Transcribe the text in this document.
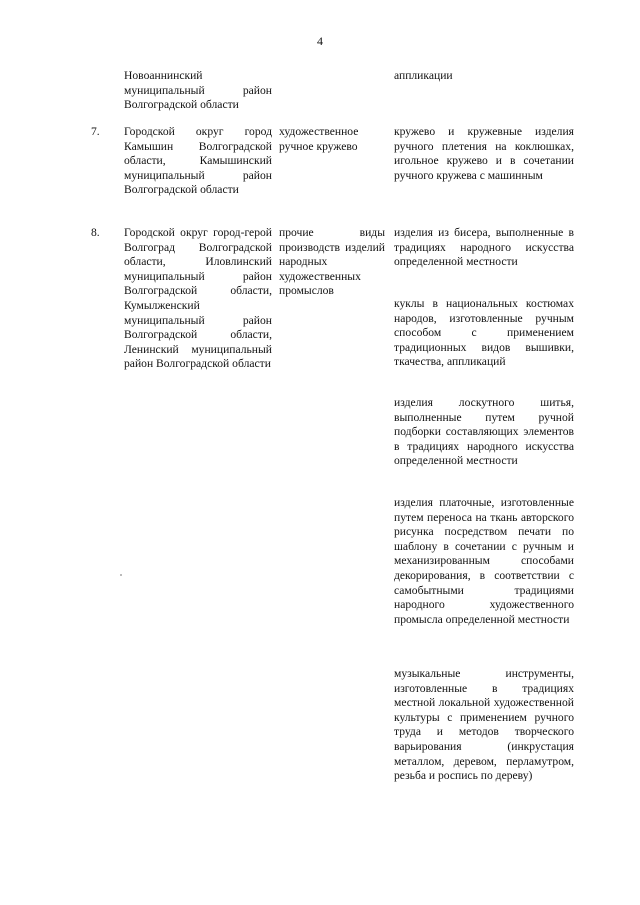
4
Новоаннинский муниципальный район Волгоградской области
аппликации
7. Городской округ город Камышин Волгоградской области, Камышинский муниципальный район Волгоградской области
художественное ручное кружево
кружево и кружевные изделия ручного плетения на коклюшках, игольное кружево и в сочетании ручного кружева с машинным
8. Городской округ город-герой Волгоград Волгоградской области, Иловлинский муниципальный район Волгоградской области, Кумылженский муниципальный район Волгоградской области, Ленинский муниципальный район Волгоградской области
прочие виды производств изделий народных художественных промыслов
изделия из бисера, выполненные в традициях народного искусства определенной местности
куклы в национальных костюмах народов, изготовленные ручным способом с применением традиционных видов вышивки, ткачества, аппликаций
изделия лоскутного шитья, выполненные путем ручной подборки составляющих элементов в традициях народного искусства определенной местности
изделия платочные, изготовленные путем переноса на ткань авторского рисунка посредством печати по шаблону в сочетании с ручным и механизированным способами декорирования, в соответствии с самобытными традициями народного художественного промысла определенной местности
музыкальные инструменты, изготовленные в традициях местной локальной художественной культуры с применением ручного труда и методов творческого варьирования (инкрустация металлом, деревом, перламутром, резьба и роспись по дереву)
